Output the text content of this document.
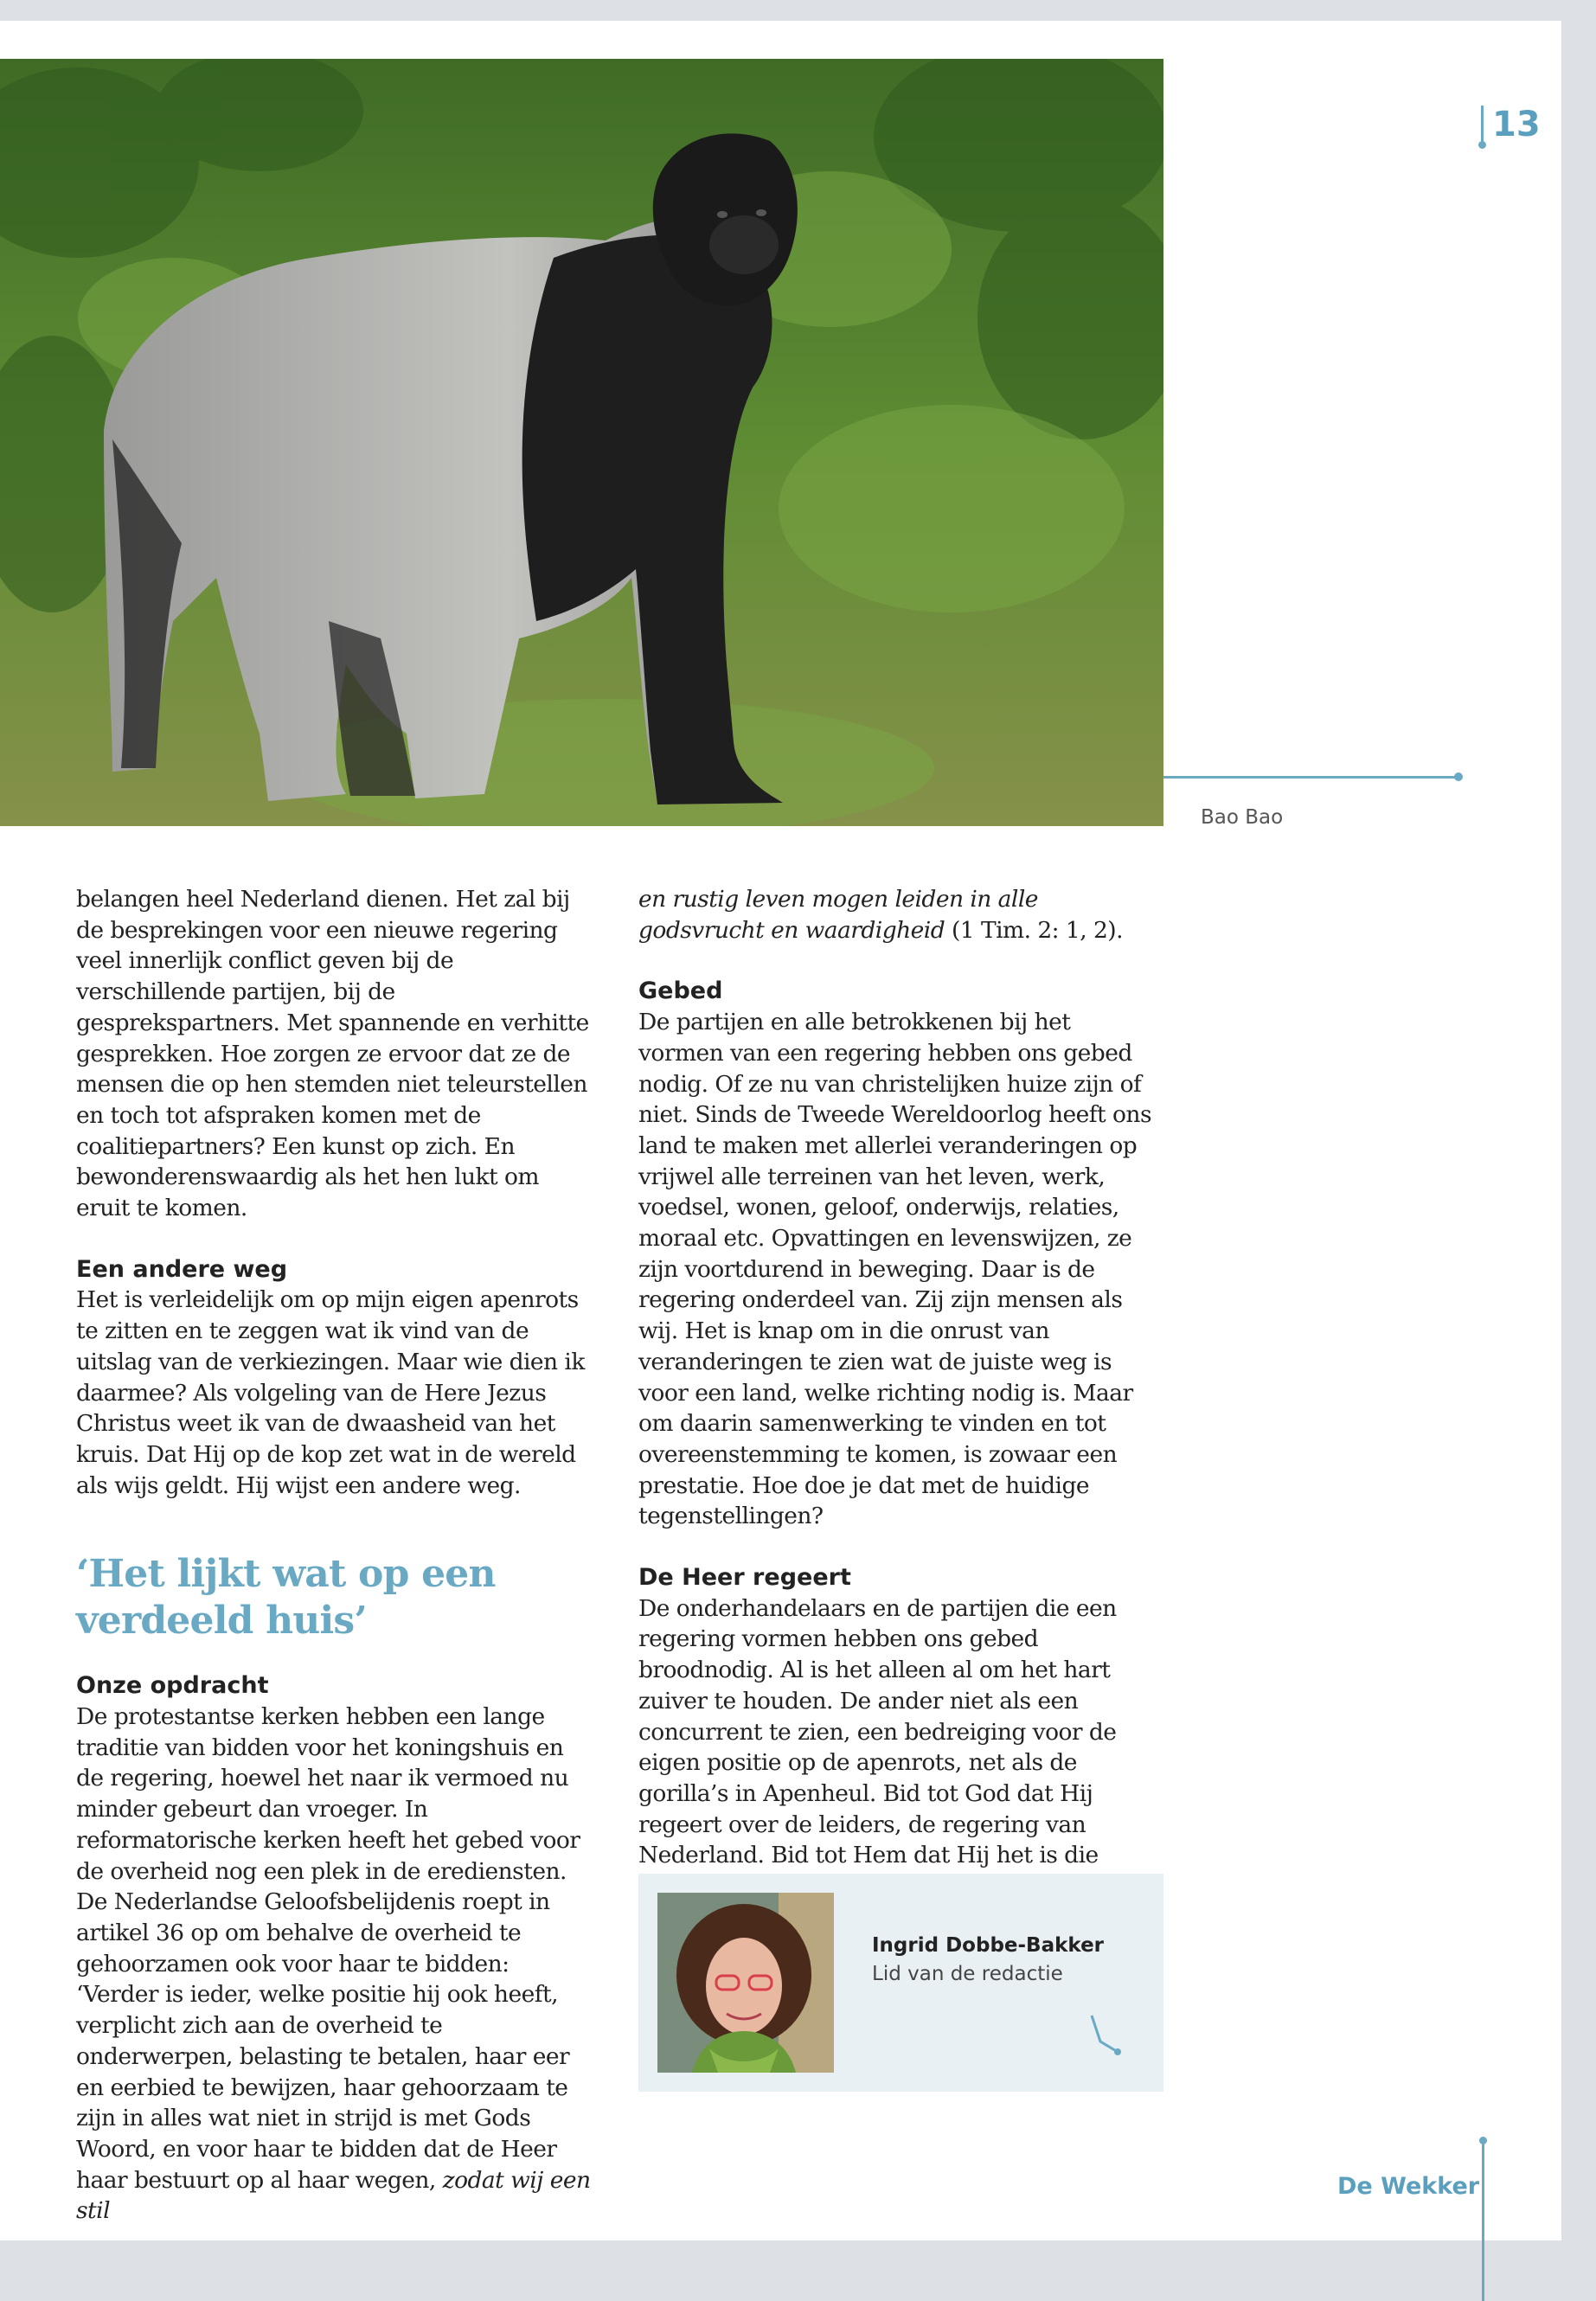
13
Bao Bao

belangen heel Nederland dienen. Het zal bij de besprekingen voor een nieuwe regering veel innerlijk conflict geven bij de verschillende partijen, bij de gesprekspartners. Met spannende en verhitte gesprekken. Hoe zorgen ze ervoor dat ze de mensen die op hen stemden niet teleurstellen en toch tot afspraken komen met de coalitiepartners? Een kunst op zich. En bewonderenswaardig als het hen lukt om eruit te komen.

Een andere weg

Het is verleidelijk om op mijn eigen apenrots te zitten en te zeggen wat ik vind van de uitslag van de verkiezingen. Maar wie dien ik daarmee? Als volgeling van de Here Jezus Christus weet ik van de dwaasheid van het kruis. Dat Hij op de kop zet wat in de wereld als wijs geldt. Hij wijst een andere weg.

‘Het lijkt wat op een verdeeld huis’
Onze opdracht

De protestantse kerken hebben een lange traditie van bidden voor het koningshuis en de regering, hoewel het naar ik vermoed nu minder gebeurt dan vroeger. In reformatorische kerken heeft het gebed voor de overheid nog een plek in de erediensten. De Nederlandse Geloofsbelijdenis roept in artikel 36 op om behalve de overheid te gehoorzamen ook voor haar te bidden: ‘Verder is ieder, welke positie hij ook heeft, verplicht zich aan de overheid te onderwerpen, belasting te betalen, haar eer en eerbied te bewijzen, haar gehoorzaam te zijn in alles wat niet in strijd is met Gods Woord, en voor haar te bidden dat de Heer haar bestuurt op al haar wegen, zodat wij een stil

en rustig leven mogen leiden in alle godsvrucht en waardigheid (1 Tim. 2: 1, 2).

Gebed

De partijen en alle betrokkenen bij het vormen van een regering hebben ons gebed nodig. Of ze nu van christelijken huize zijn of niet. Sinds de Tweede Wereldoorlog heeft ons land te maken met allerlei veranderingen op vrijwel alle terreinen van het leven, werk, voedsel, wonen, geloof, onderwijs, relaties, moraal etc. Opvattingen en levenswijzen, ze zijn voortdurend in beweging. Daar is de regering onderdeel van. Zij zijn mensen als wij. Het is knap om in die onrust van veranderingen te zien wat de juiste weg is voor een land, welke richting nodig is. Maar om daarin samenwerking te vinden en tot overeenstemming te komen, is zowaar een prestatie. Hoe doe je dat met de huidige tegenstellingen?

De Heer regeert

De onderhandelaars en de partijen die een regering vormen hebben ons gebed broodnodig. Al is het alleen al om het hart zuiver te houden. De ander niet als een concurrent te zien, een bedreiging voor de eigen positie op de apenrots, net als de gorilla’s in Apenheul. Bid tot God dat Hij regeert over de leiders, de regering van Nederland. Bid tot Hem dat Hij het is die

Ingrid Dobbe-Bakker
Lid van de redactie
De Wekker
